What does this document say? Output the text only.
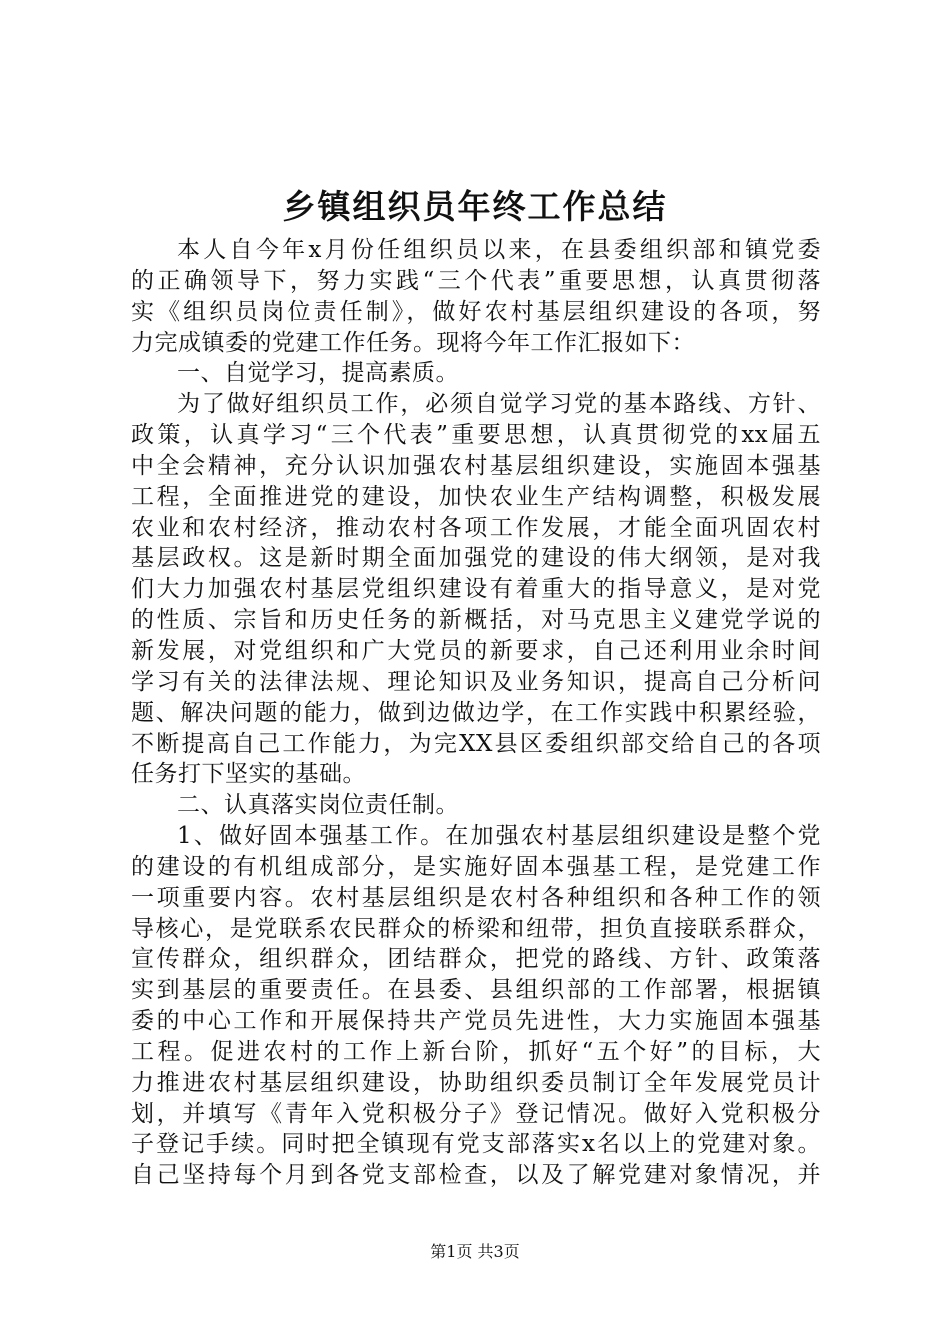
乡镇组织员年终工作总结
本人自今年x月份任组织员以来，在县委组织部和镇党委
的正确领导下，努力实践“三个代表”重要思想，认真贯彻落
实《组织员岗位责任制》，做好农村基层组织建设的各项，努
力完成镇委的党建工作任务。现将今年工作汇报如下：
一、自觉学习，提高素质。
为了做好组织员工作，必须自觉学习党的基本路线、方针、
政策，认真学习“三个代表”重要思想，认真贯彻党的xx届五
中全会精神，充分认识加强农村基层组织建设，实施固本强基
工程，全面推进党的建设，加快农业生产结构调整，积极发展
农业和农村经济，推动农村各项工作发展，才能全面巩固农村
基层政权。这是新时期全面加强党的建设的伟大纲领，是对我
们大力加强农村基层党组织建设有着重大的指导意义，是对党
的性质、宗旨和历史任务的新概括，对马克思主义建党学说的
新发展，对党组织和广大党员的新要求，自己还利用业余时间
学习有关的法律法规、理论知识及业务知识，提高自己分析问
题、解决问题的能力，做到边做边学，在工作实践中积累经验，
不断提高自己工作能力，为完XX县区委组织部交给自己的各项
任务打下坚实的基础。
二、认真落实岗位责任制。
1、做好固本强基工作。在加强农村基层组织建设是整个党
的建设的有机组成部分，是实施好固本强基工程，是党建工作
一项重要内容。农村基层组织是农村各种组织和各种工作的领
导核心，是党联系农民群众的桥梁和纽带，担负直接联系群众，
宣传群众，组织群众，团结群众，把党的路线、方针、政策落
实到基层的重要责任。在县委、县组织部的工作部署，根据镇
委的中心工作和开展保持共产党员先进性，大力实施固本强基
工程。促进农村的工作上新台阶，抓好“五个好”的目标，大
力推进农村基层组织建设，协助组织委员制订全年发展党员计
划，并填写《青年入党积极分子》登记情况。做好入党积极分
子登记手续。同时把全镇现有党支部落实x名以上的党建对象。
自己坚持每个月到各党支部检查，以及了解党建对象情况，并
第1页 共3页
